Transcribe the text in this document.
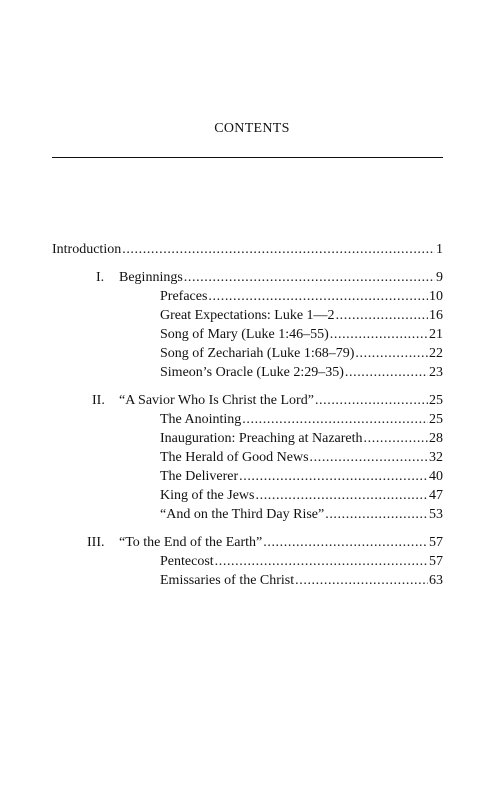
CONTENTS
Introduction .....	1
I. Beginnings .....	9
Prefaces .....	10
Great Expectations: Luke 1—2 .....	16
Song of Mary (Luke 1:46–55) .....	21
Song of Zechariah (Luke 1:68–79) .....	22
Simeon’s Oracle (Luke 2:29–35) .....	23
II. “A Savior Who Is Christ the Lord” .....	25
The Anointing .....	25
Inauguration: Preaching at Nazareth .....	28
The Herald of Good News .....	32
The Deliverer .....	40
King of the Jews .....	47
“And on the Third Day Rise” .....	53
III. “To the End of the Earth” .....	57
Pentecost .....	57
Emissaries of the Christ .....	63
